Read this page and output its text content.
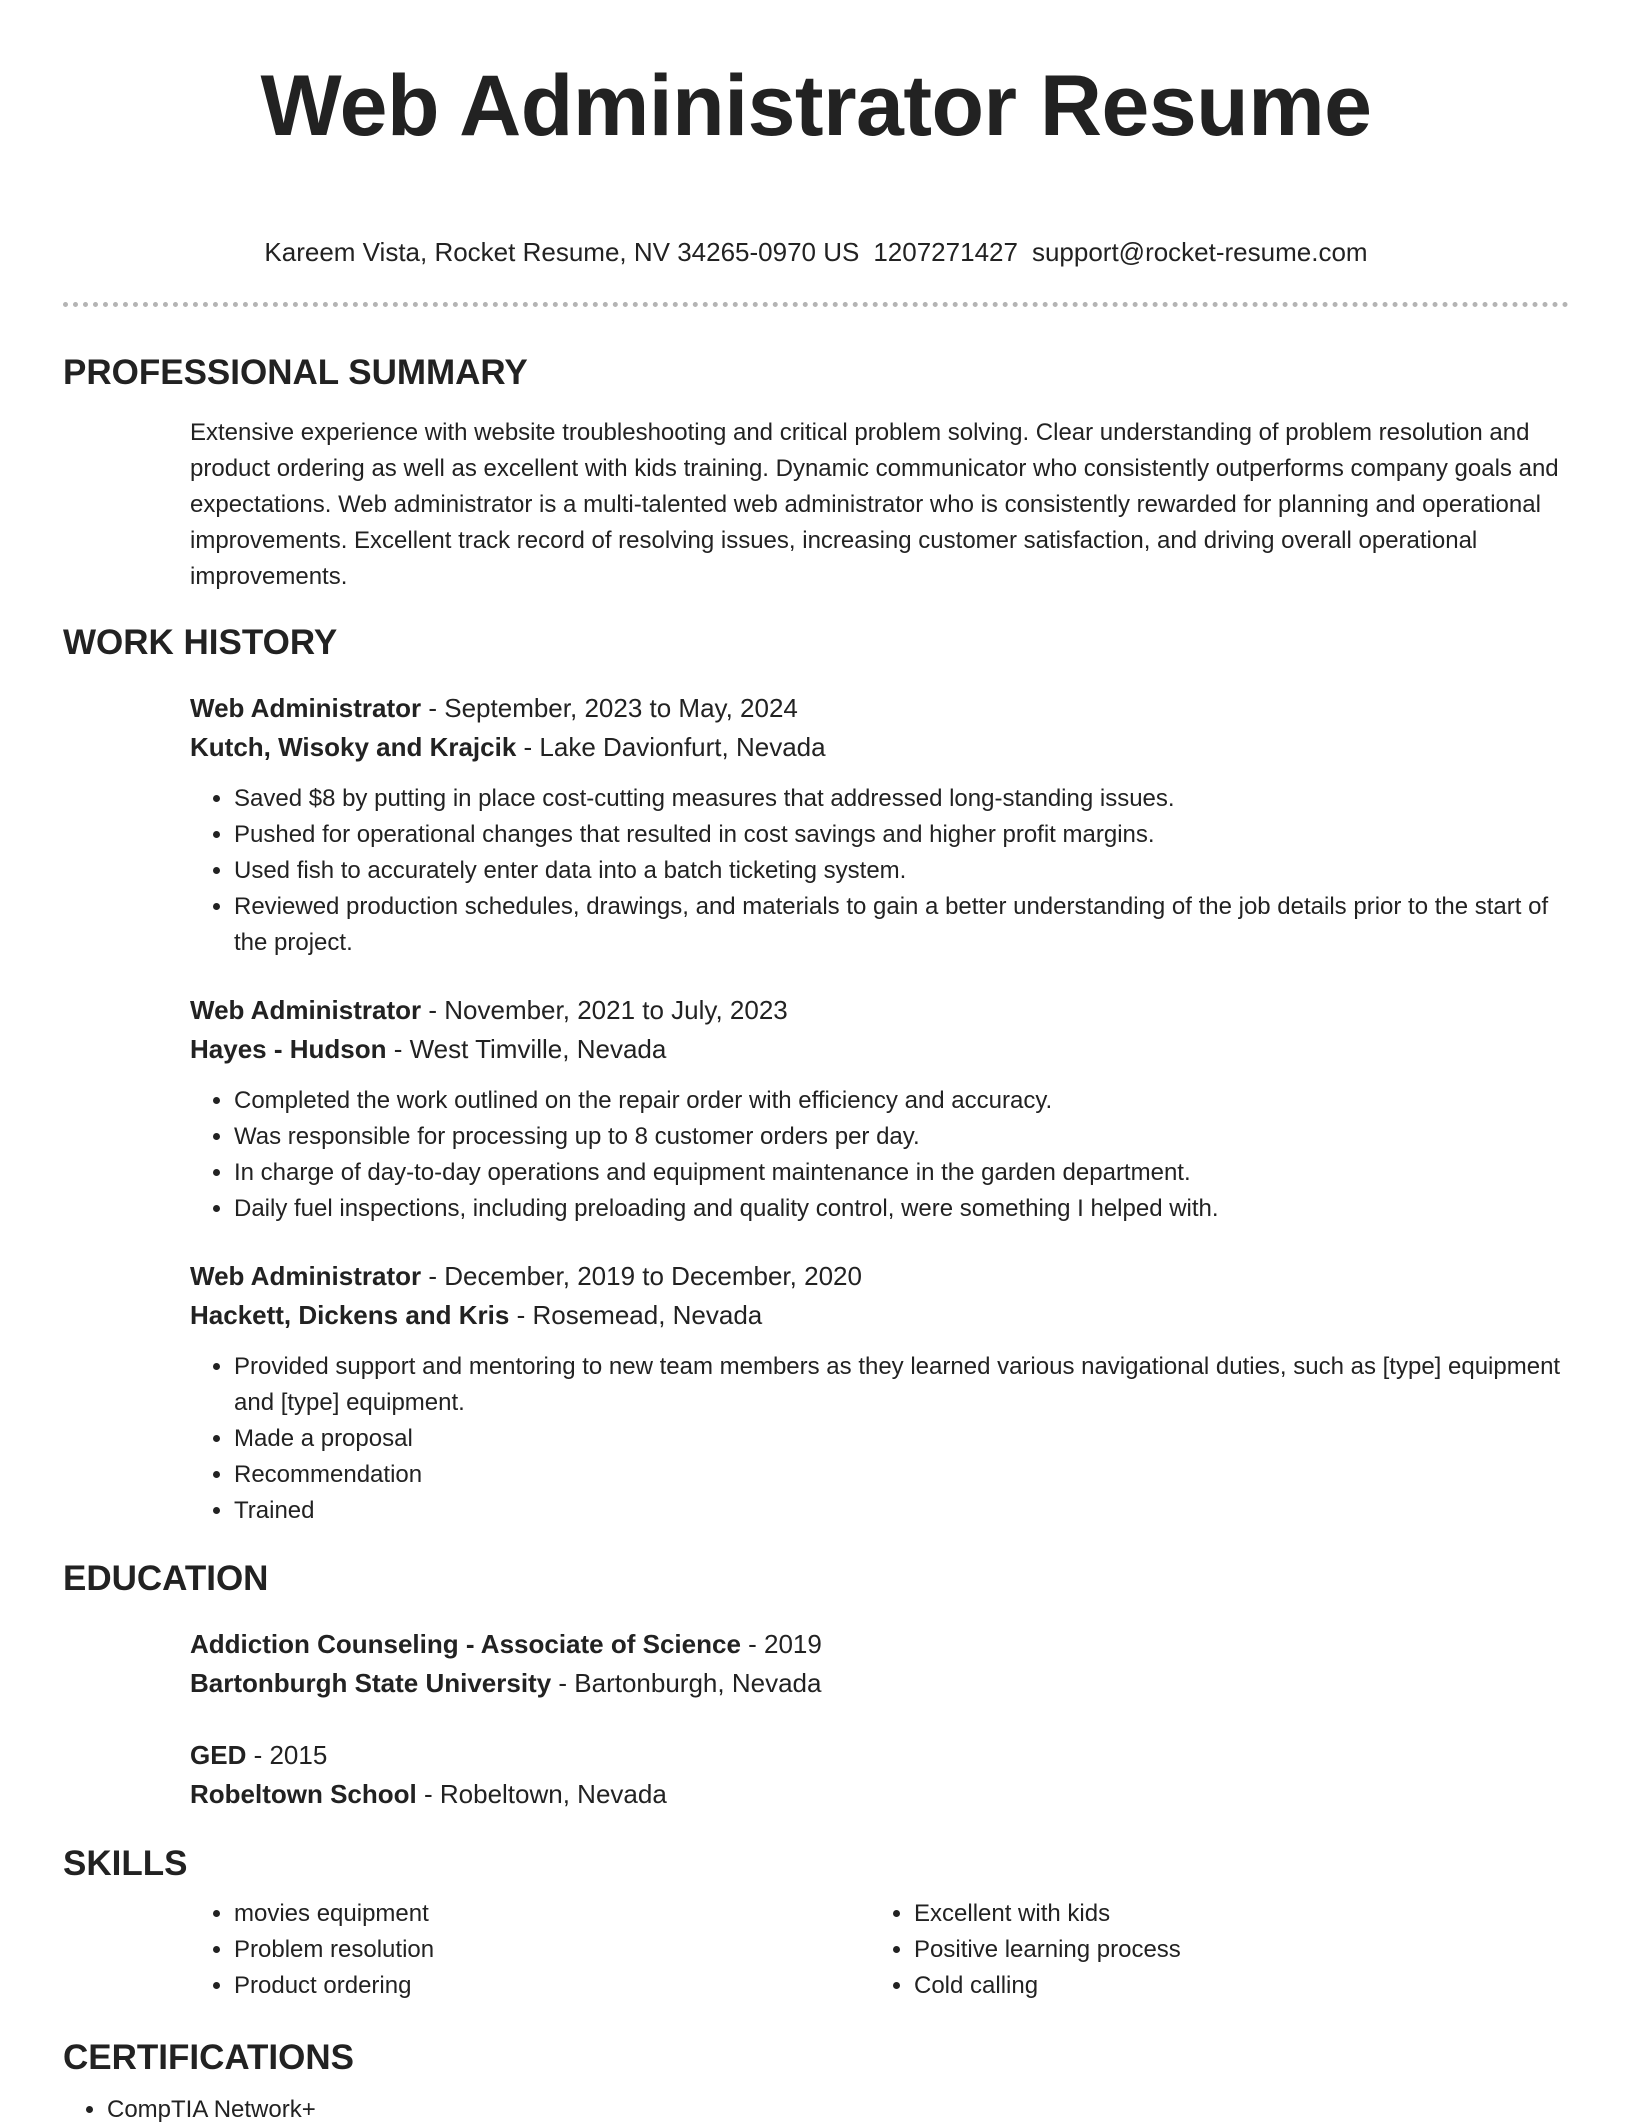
Web Administrator Resume
Kareem Vista, Rocket Resume, NV 34265-0970 US 1207271427 support@rocket-resume.com
PROFESSIONAL SUMMARY

Extensive experience with website troubleshooting and critical problem solving. Clear understanding of problem resolution and product ordering as well as excellent with kids training. Dynamic communicator who consistently outperforms company goals and expectations. Web administrator is a multi-talented web administrator who is consistently rewarded for planning and operational improvements. Excellent track record of resolving issues, increasing customer satisfaction, and driving overall operational improvements.

WORK HISTORY
Web Administrator - September, 2023 to May, 2024
Kutch, Wisoky and Krajcik - Lake Davionfurt, Nevada
• Saved $8 by putting in place cost-cutting measures that addressed long-standing issues.
• Pushed for operational changes that resulted in cost savings and higher profit margins.
• Used fish to accurately enter data into a batch ticketing system.
• Reviewed production schedules, drawings, and materials to gain a better understanding of the job details prior to the start of the project.
Web Administrator - November, 2021 to July, 2023
Hayes - Hudson - West Timville, Nevada
• Completed the work outlined on the repair order with efficiency and accuracy.
• Was responsible for processing up to 8 customer orders per day.
• In charge of day-to-day operations and equipment maintenance in the garden department.
• Daily fuel inspections, including preloading and quality control, were something I helped with.
Web Administrator - December, 2019 to December, 2020
Hackett, Dickens and Kris - Rosemead, Nevada
• Provided support and mentoring to new team members as they learned various navigational duties, such as [type] equipment and [type] equipment.
• Made a proposal
• Recommendation
• Trained
EDUCATION
Addiction Counseling - Associate of Science - 2019
Bartonburgh State University - Bartonburgh, Nevada
GED - 2015
Robeltown School - Robeltown, Nevada
SKILLS
• movies equipment
• Problem resolution
• Product ordering
• Excellent with kids
• Positive learning process
• Cold calling
CERTIFICATIONS
• CompTIA Network+
